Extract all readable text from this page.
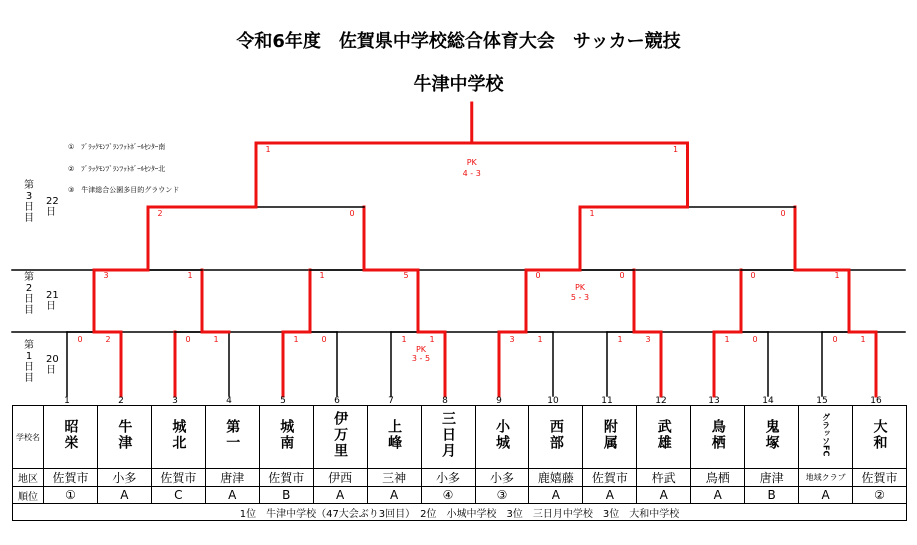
令和6年度　佐賀県中学校総合体育大会　サッカー競技
牛津中学校
第3日目
22日
第2日目
21日
第1日目
20日
①　ﾌﾞﾗｯｸﾓﾝﾌﾞﾗﾝﾌｯﾄﾎﾞｰﾙｾﾝﾀｰ南
②　ﾌﾞﾗｯｸﾓﾝﾌﾞﾗﾝﾌｯﾄﾎﾞｰﾙｾﾝﾀｰ北
③　牛津総合公園多目的グラウンド
0	2	0	1	1	0	1	1
PK
3 - 5
3	1	1	3	1	0	0	1
3	1	1	5	0	0
PK
5 - 3
0	1
2	0	1	0
1	1
PK
4 - 3
1	2	3	4	5	6	7	8	9	10	11	12	13	14	15	16
学校名	昭栄	牛津	城北	第一	城南	伊万里	上峰	三日月	小城	西部	附属	武雄	鳥栖	鬼塚	グラッソFC	大和
地区	佐賀市	小多	佐賀市	唐津	佐賀市	伊西	三神	小多	小多	鹿嬉藤	佐賀市	杵武	鳥栖	唐津	地域クラブ	佐賀市
順位	①	A	C	A	B	A	A	④	③	A	A	A	A	B	A	②
1位　牛津中学校（47大会ぶり3回目）　2位　小城中学校　3位　三日月中学校　3位　大和中学校																
